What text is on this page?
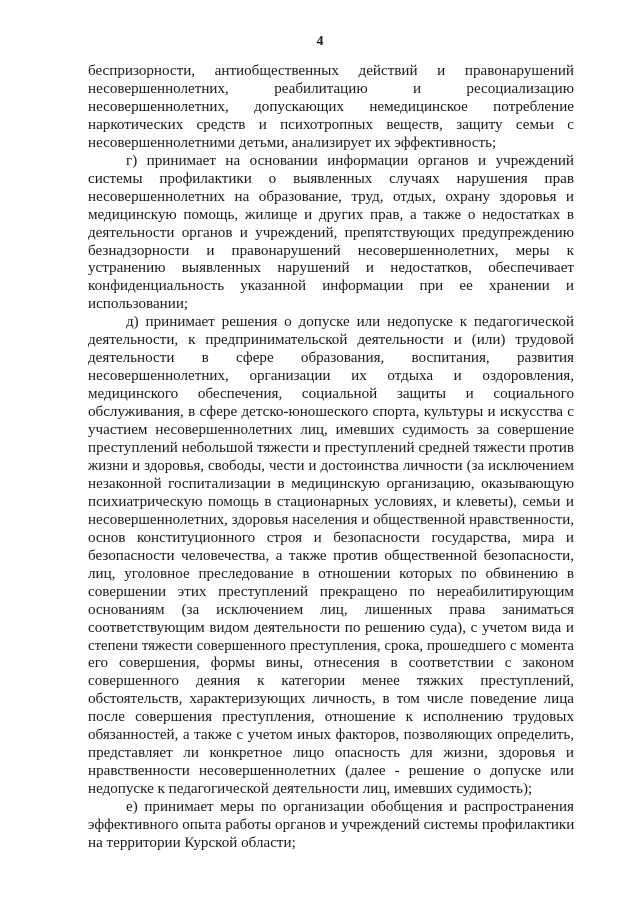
4
беспризорности, антиобщественных действий и правонарушений
несовершеннолетних, реабилитацию и ресоциализацию
несовершеннолетних, допускающих немедицинское потребление
наркотических средств и психотропных веществ, защиту семьи с
несовершеннолетними детьми, анализирует их эффективность;
г) принимает на основании информации органов и учреждений
системы профилактики о выявленных случаях нарушения прав
несовершеннолетних на образование, труд, отдых, охрану здоровья и
медицинскую помощь, жилище и других прав, а также о недостатках в
деятельности органов и учреждений, препятствующих предупреждению
безнадзорности и правонарушений несовершеннолетних, меры к
устранению выявленных нарушений и недостатков, обеспечивает
конфиденциальность указанной информации при ее хранении и
использовании;
д) принимает решения о допуске или недопуске к педагогической
деятельности, к предпринимательской деятельности и (или) трудовой
деятельности в сфере образования, воспитания, развития
несовершеннолетних, организации их отдыха и оздоровления,
медицинского обеспечения, социальной защиты и социального
обслуживания, в сфере детско-юношеского спорта, культуры и искусства с
участием несовершеннолетних лиц, имевших судимость за совершение
преступлений небольшой тяжести и преступлений средней тяжести против
жизни и здоровья, свободы, чести и достоинства личности (за исключением
незаконной госпитализации в медицинскую организацию, оказывающую
психиатрическую помощь в стационарных условиях, и клеветы), семьи и
несовершеннолетних, здоровья населения и общественной нравственности,
основ конституционного строя и безопасности государства, мира и
безопасности человечества, а также против общественной безопасности,
лиц, уголовное преследование в отношении которых по обвинению в
совершении этих преступлений прекращено по нереабилитирующим
основаниям (за исключением лиц, лишенных права заниматься
соответствующим видом деятельности по решению суда), с учетом вида и
степени тяжести совершенного преступления, срока, прошедшего с момента
его совершения, формы вины, отнесения в соответствии с законом
совершенного деяния к категории менее тяжких преступлений,
обстоятельств, характеризующих личность, в том числе поведение лица
после совершения преступления, отношение к исполнению трудовых
обязанностей, а также с учетом иных факторов, позволяющих определить,
представляет ли конкретное лицо опасность для жизни, здоровья и
нравственности несовершеннолетних (далее - решение о допуске или
недопуске к педагогической деятельности лиц, имевших судимость);
е) принимает меры по организации обобщения и распространения
эффективного опыта работы органов и учреждений системы профилактики
на территории Курской области;
